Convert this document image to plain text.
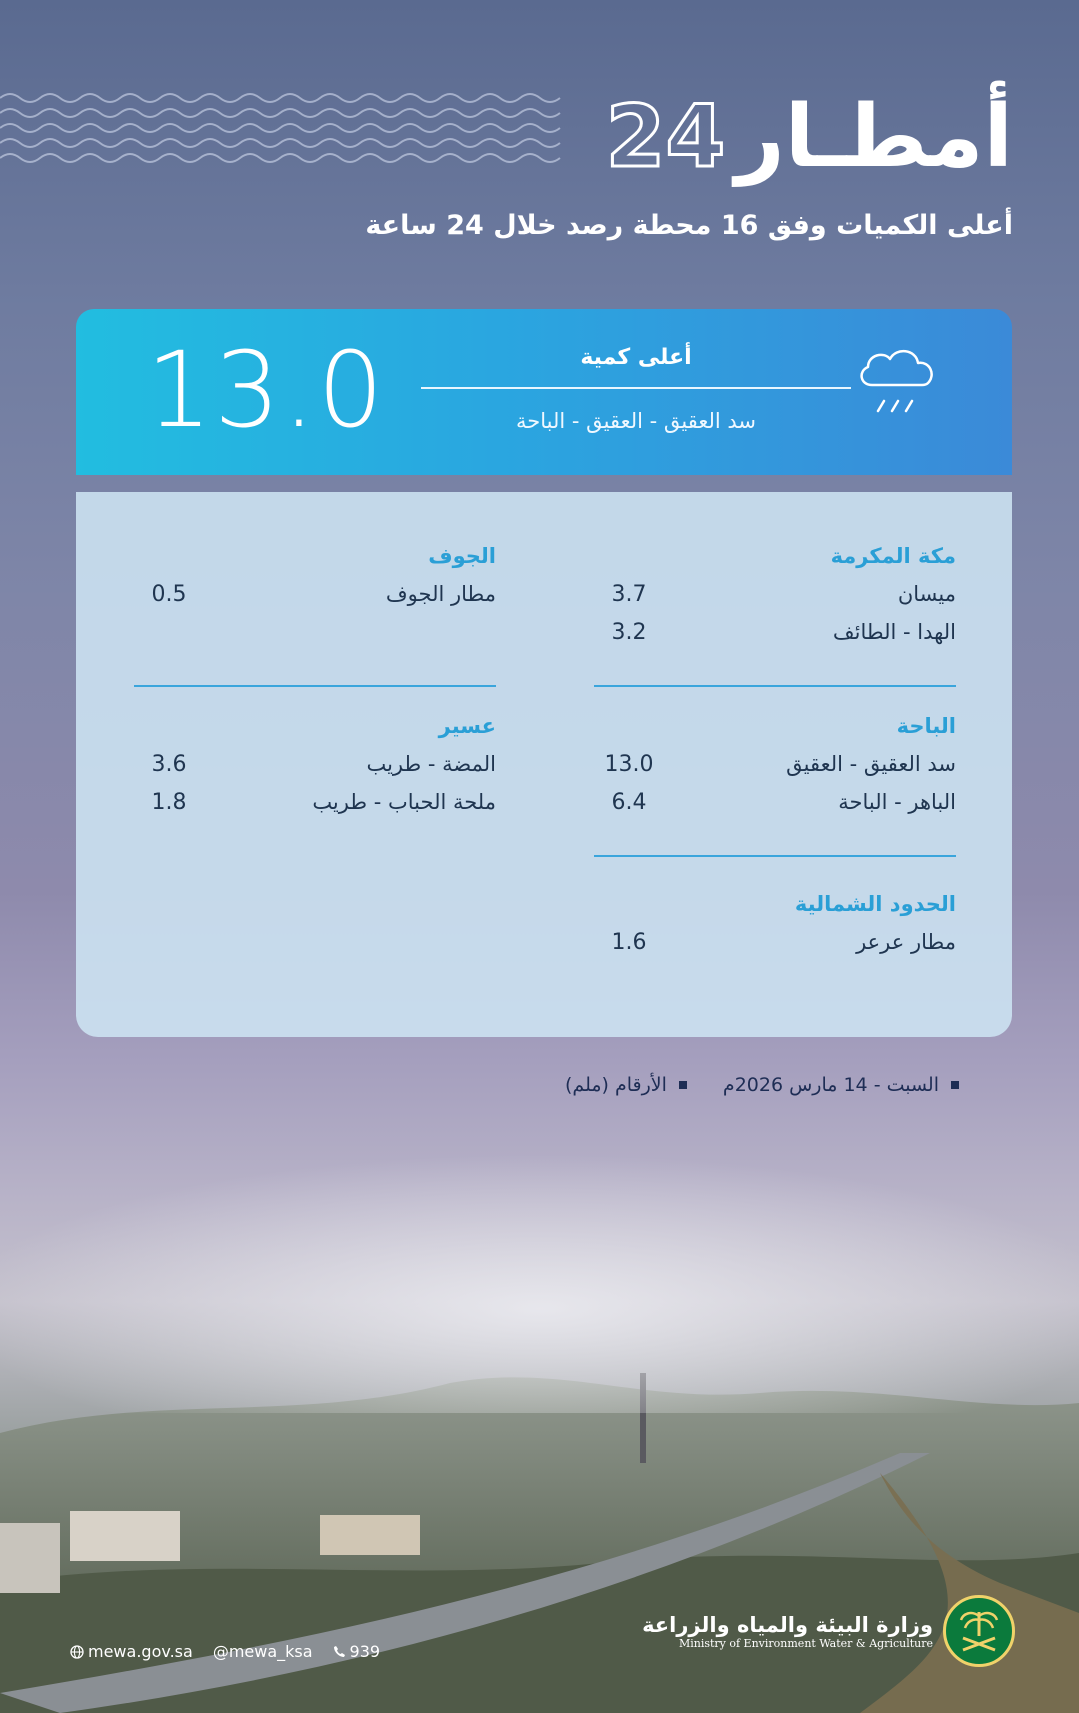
أمطـار24
أعلى الكميات وفق 16 محطة رصد خلال 24 ساعة
13.0	أعلى كمية
سد العقيق - العقيق - الباحة
مكة المكرمة
ميسان
3.7
الهدا - الطائف
3.2
الجوف
مطار الجوف
0.5
الباحة
سد العقيق - العقيق
13.0
الباهر - الباحة
6.4
عسير
المضة - طريب
3.6
ملحة الحباب - طريب
1.8
الحدود الشمالية
مطار عرعر
1.6
السبت - 14 مارس 2026م
الأرقام (ملم)
وزارة البيئة والمياه والزراعة
Ministry of Environment Water & Agriculture
mewa.gov.sa @mewa_ksa 939
